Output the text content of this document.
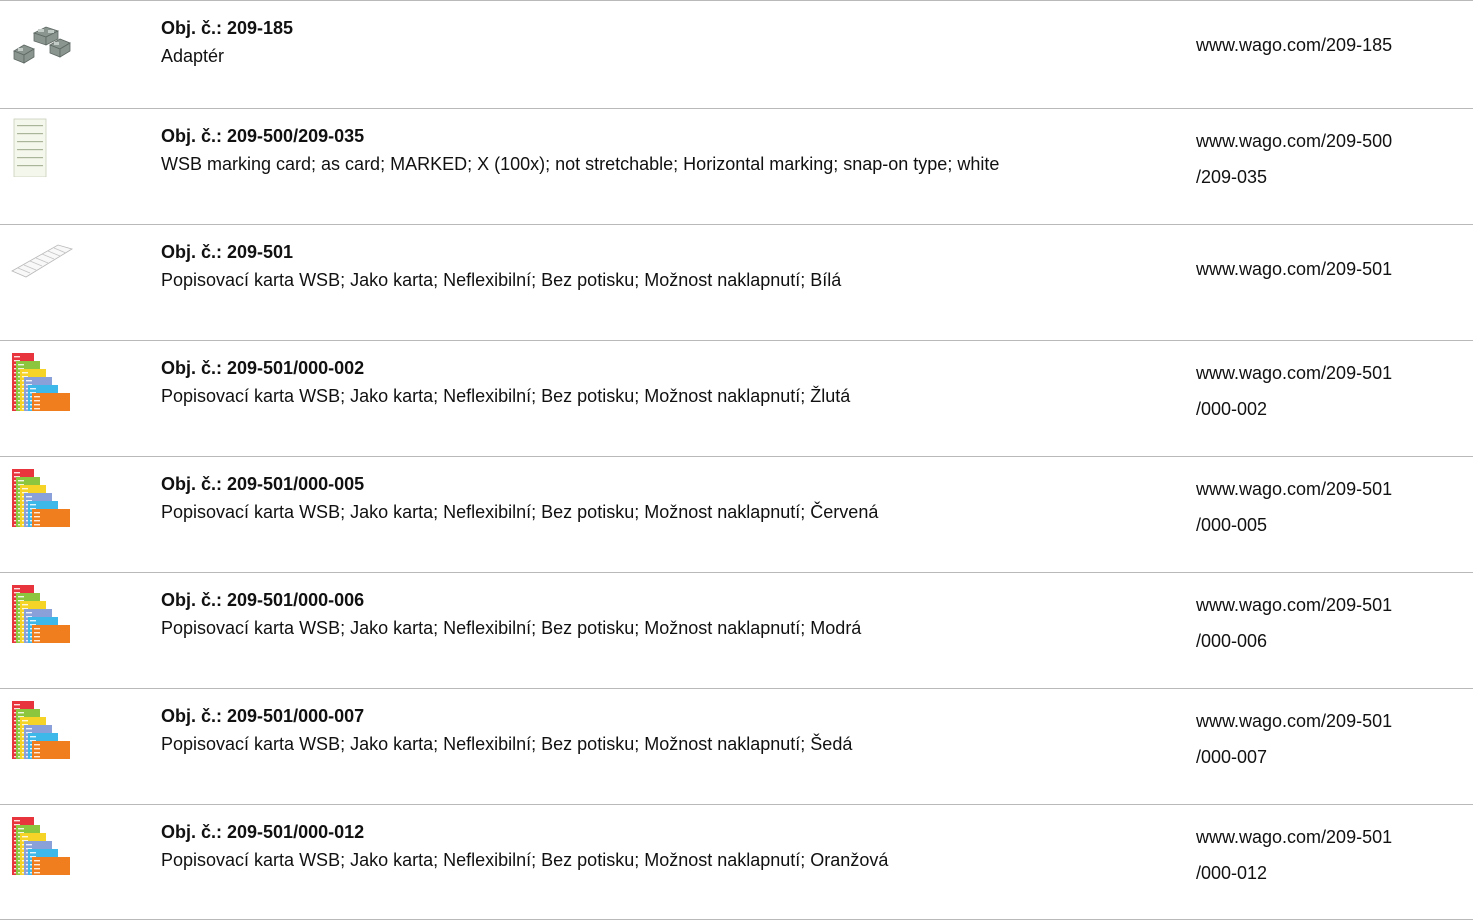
Obj. č.: 209-185
Adaptér
www.wago.com/209-185
Obj. č.: 209-500/209-035
WSB marking card; as card; MARKED; X (100x); not stretchable; Horizontal marking; snap-on type; white
www.wago.com/209-500
/209-035
Obj. č.: 209-501
Popisovací karta WSB; Jako karta; Neflexibilní; Bez potisku; Možnost naklapnutí; Bílá
www.wago.com/209-501
Obj. č.: 209-501/000-002
Popisovací karta WSB; Jako karta; Neflexibilní; Bez potisku; Možnost naklapnutí; Žlutá
www.wago.com/209-501
/000-002
Obj. č.: 209-501/000-005
Popisovací karta WSB; Jako karta; Neflexibilní; Bez potisku; Možnost naklapnutí; Červená
www.wago.com/209-501
/000-005
Obj. č.: 209-501/000-006
Popisovací karta WSB; Jako karta; Neflexibilní; Bez potisku; Možnost naklapnutí; Modrá
www.wago.com/209-501
/000-006
Obj. č.: 209-501/000-007
Popisovací karta WSB; Jako karta; Neflexibilní; Bez potisku; Možnost naklapnutí; Šedá
www.wago.com/209-501
/000-007
Obj. č.: 209-501/000-012
Popisovací karta WSB; Jako karta; Neflexibilní; Bez potisku; Možnost naklapnutí; Oranžová
www.wago.com/209-501
/000-012
